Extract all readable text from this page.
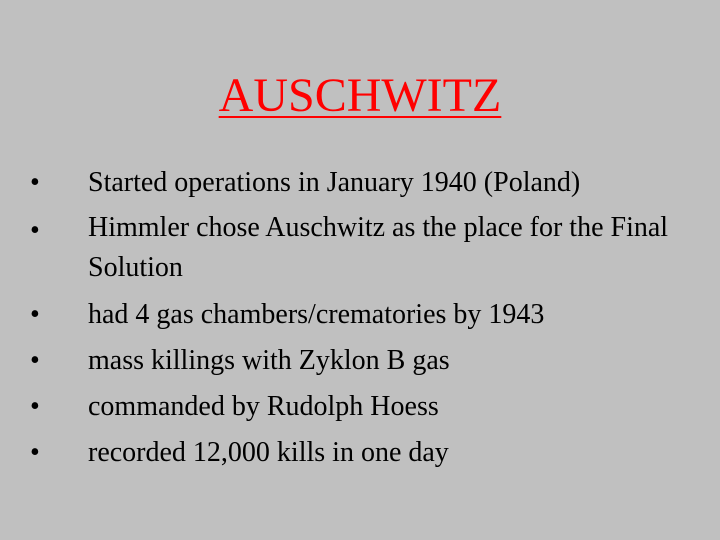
AUSCHWITZ
•	Started operations in January 1940 (Poland)
•	Himmler chose Auschwitz as the place for the Final Solution
•	had 4 gas chambers/crematories by 1943
•	mass killings with Zyklon B gas
•	commanded by Rudolph Hoess
•	recorded 12,000 kills in one day
